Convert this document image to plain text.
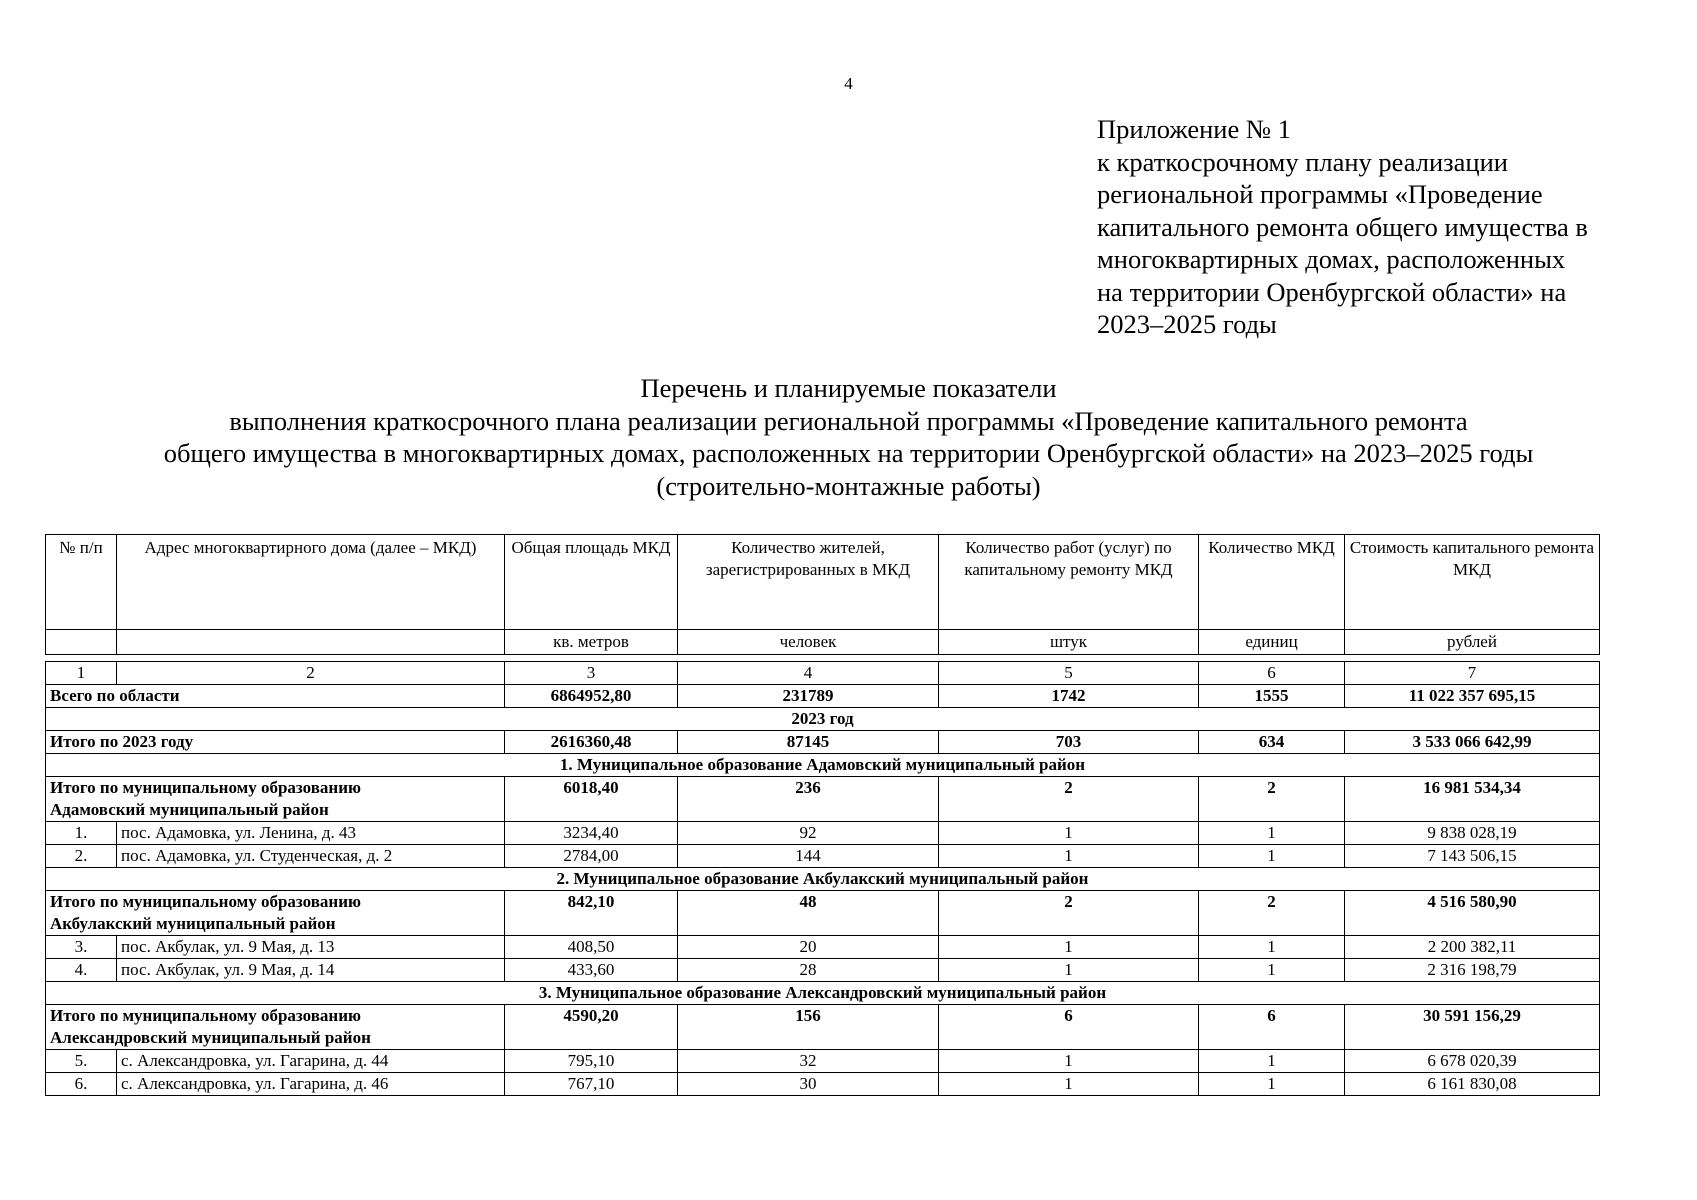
4
Приложение № 1
к краткосрочному плану реализации
региональной программы «Проведение
капитального ремонта общего имущества в
многоквартирных домах, расположенных
на территории Оренбургской области» на
2023–2025 годы
Перечень и планируемые показатели
выполнения краткосрочного плана реализации региональной программы «Проведение капитального ремонта
общего имущества в многоквартирных домах, расположенных на территории Оренбургской области» на 2023–2025 годы
(строительно-монтажные работы)
№ п/п	Адрес многоквартирного дома (далее – МКД)	Общая площадь МКД	Количество жителей, зарегистрированных в МКД	Количество работ (услуг) по капитальному ремонту МКД	Количество МКД	Стоимость капитального ремонта МКД
		кв. метров	человек	штук	единиц	рублей
1	2	3	4	5	6	7
Всего по области		6864952,80	231789	1742	1555	11 022 357 695,15
2023 год						
Итого по 2023 году		2616360,48	87145	703	634	3 533 066 642,99
1. Муниципальное образование Адамовский муниципальный район						
Итого по муниципальному образованию
Адамовский муниципальный район		6018,40	236	2	2	16 981 534,34
1.	пос. Адамовка, ул. Ленина, д. 43	3234,40	92	1	1	9 838 028,19
2.	пос. Адамовка, ул. Студенческая, д. 2	2784,00	144	1	1	7 143 506,15
2. Муниципальное образование Акбулакский муниципальный район						
Итого по муниципальному образованию
Акбулакский муниципальный район		842,10	48	2	2	4 516 580,90
3.	пос. Акбулак, ул. 9 Мая, д. 13	408,50	20	1	1	2 200 382,11
4.	пос. Акбулак, ул. 9 Мая, д. 14	433,60	28	1	1	2 316 198,79
3. Муниципальное образование Александровский муниципальный район						
Итого по муниципальному образованию
Александровский муниципальный район		4590,20	156	6	6	30 591 156,29
5.	с. Александровка, ул. Гагарина, д. 44	795,10	32	1	1	6 678 020,39
6.	с. Александровка, ул. Гагарина, д. 46	767,10	30	1	1	6 161 830,08
